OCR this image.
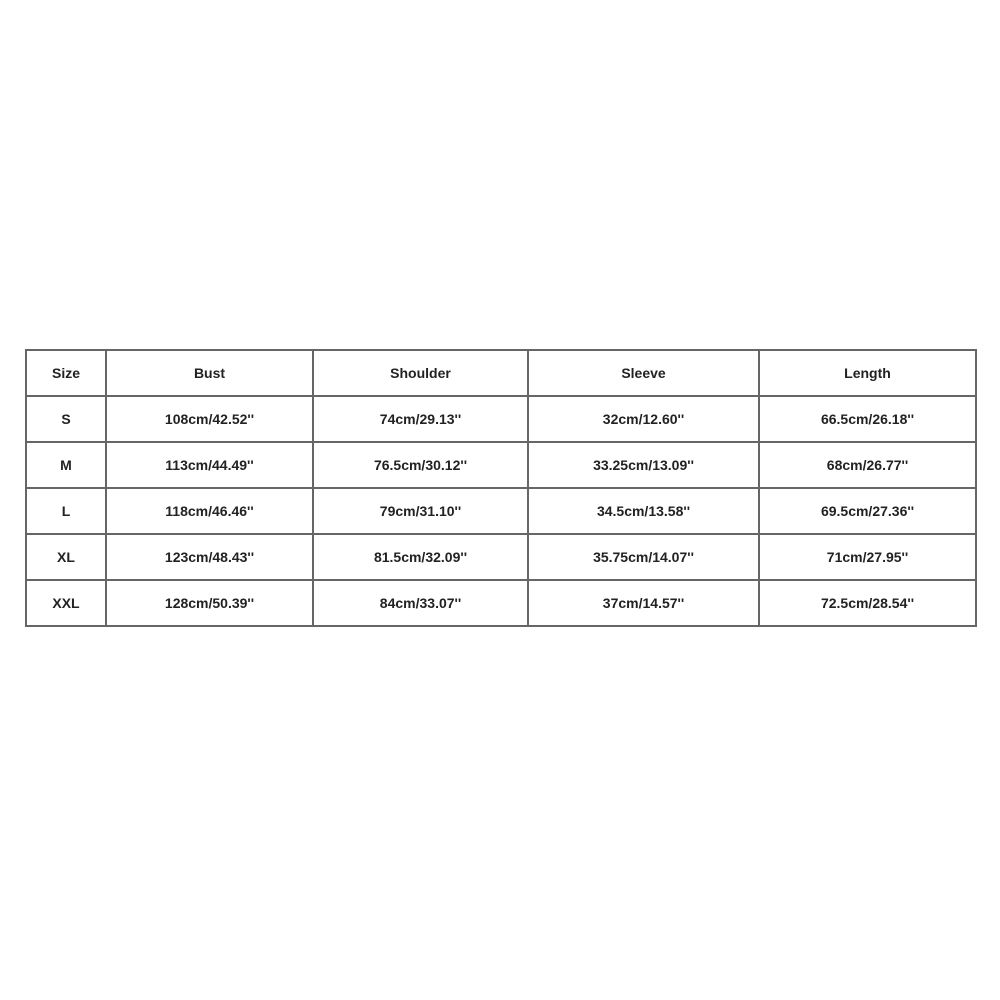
Size	Bust	Shoulder	Sleeve	Length
S	108cm/42.52''	74cm/29.13''	32cm/12.60''	66.5cm/26.18''
M	113cm/44.49''	76.5cm/30.12''	33.25cm/13.09''	68cm/26.77''
L	118cm/46.46''	79cm/31.10''	34.5cm/13.58''	69.5cm/27.36''
XL	123cm/48.43''	81.5cm/32.09''	35.75cm/14.07''	71cm/27.95''
XXL	128cm/50.39''	84cm/33.07''	37cm/14.57''	72.5cm/28.54''
